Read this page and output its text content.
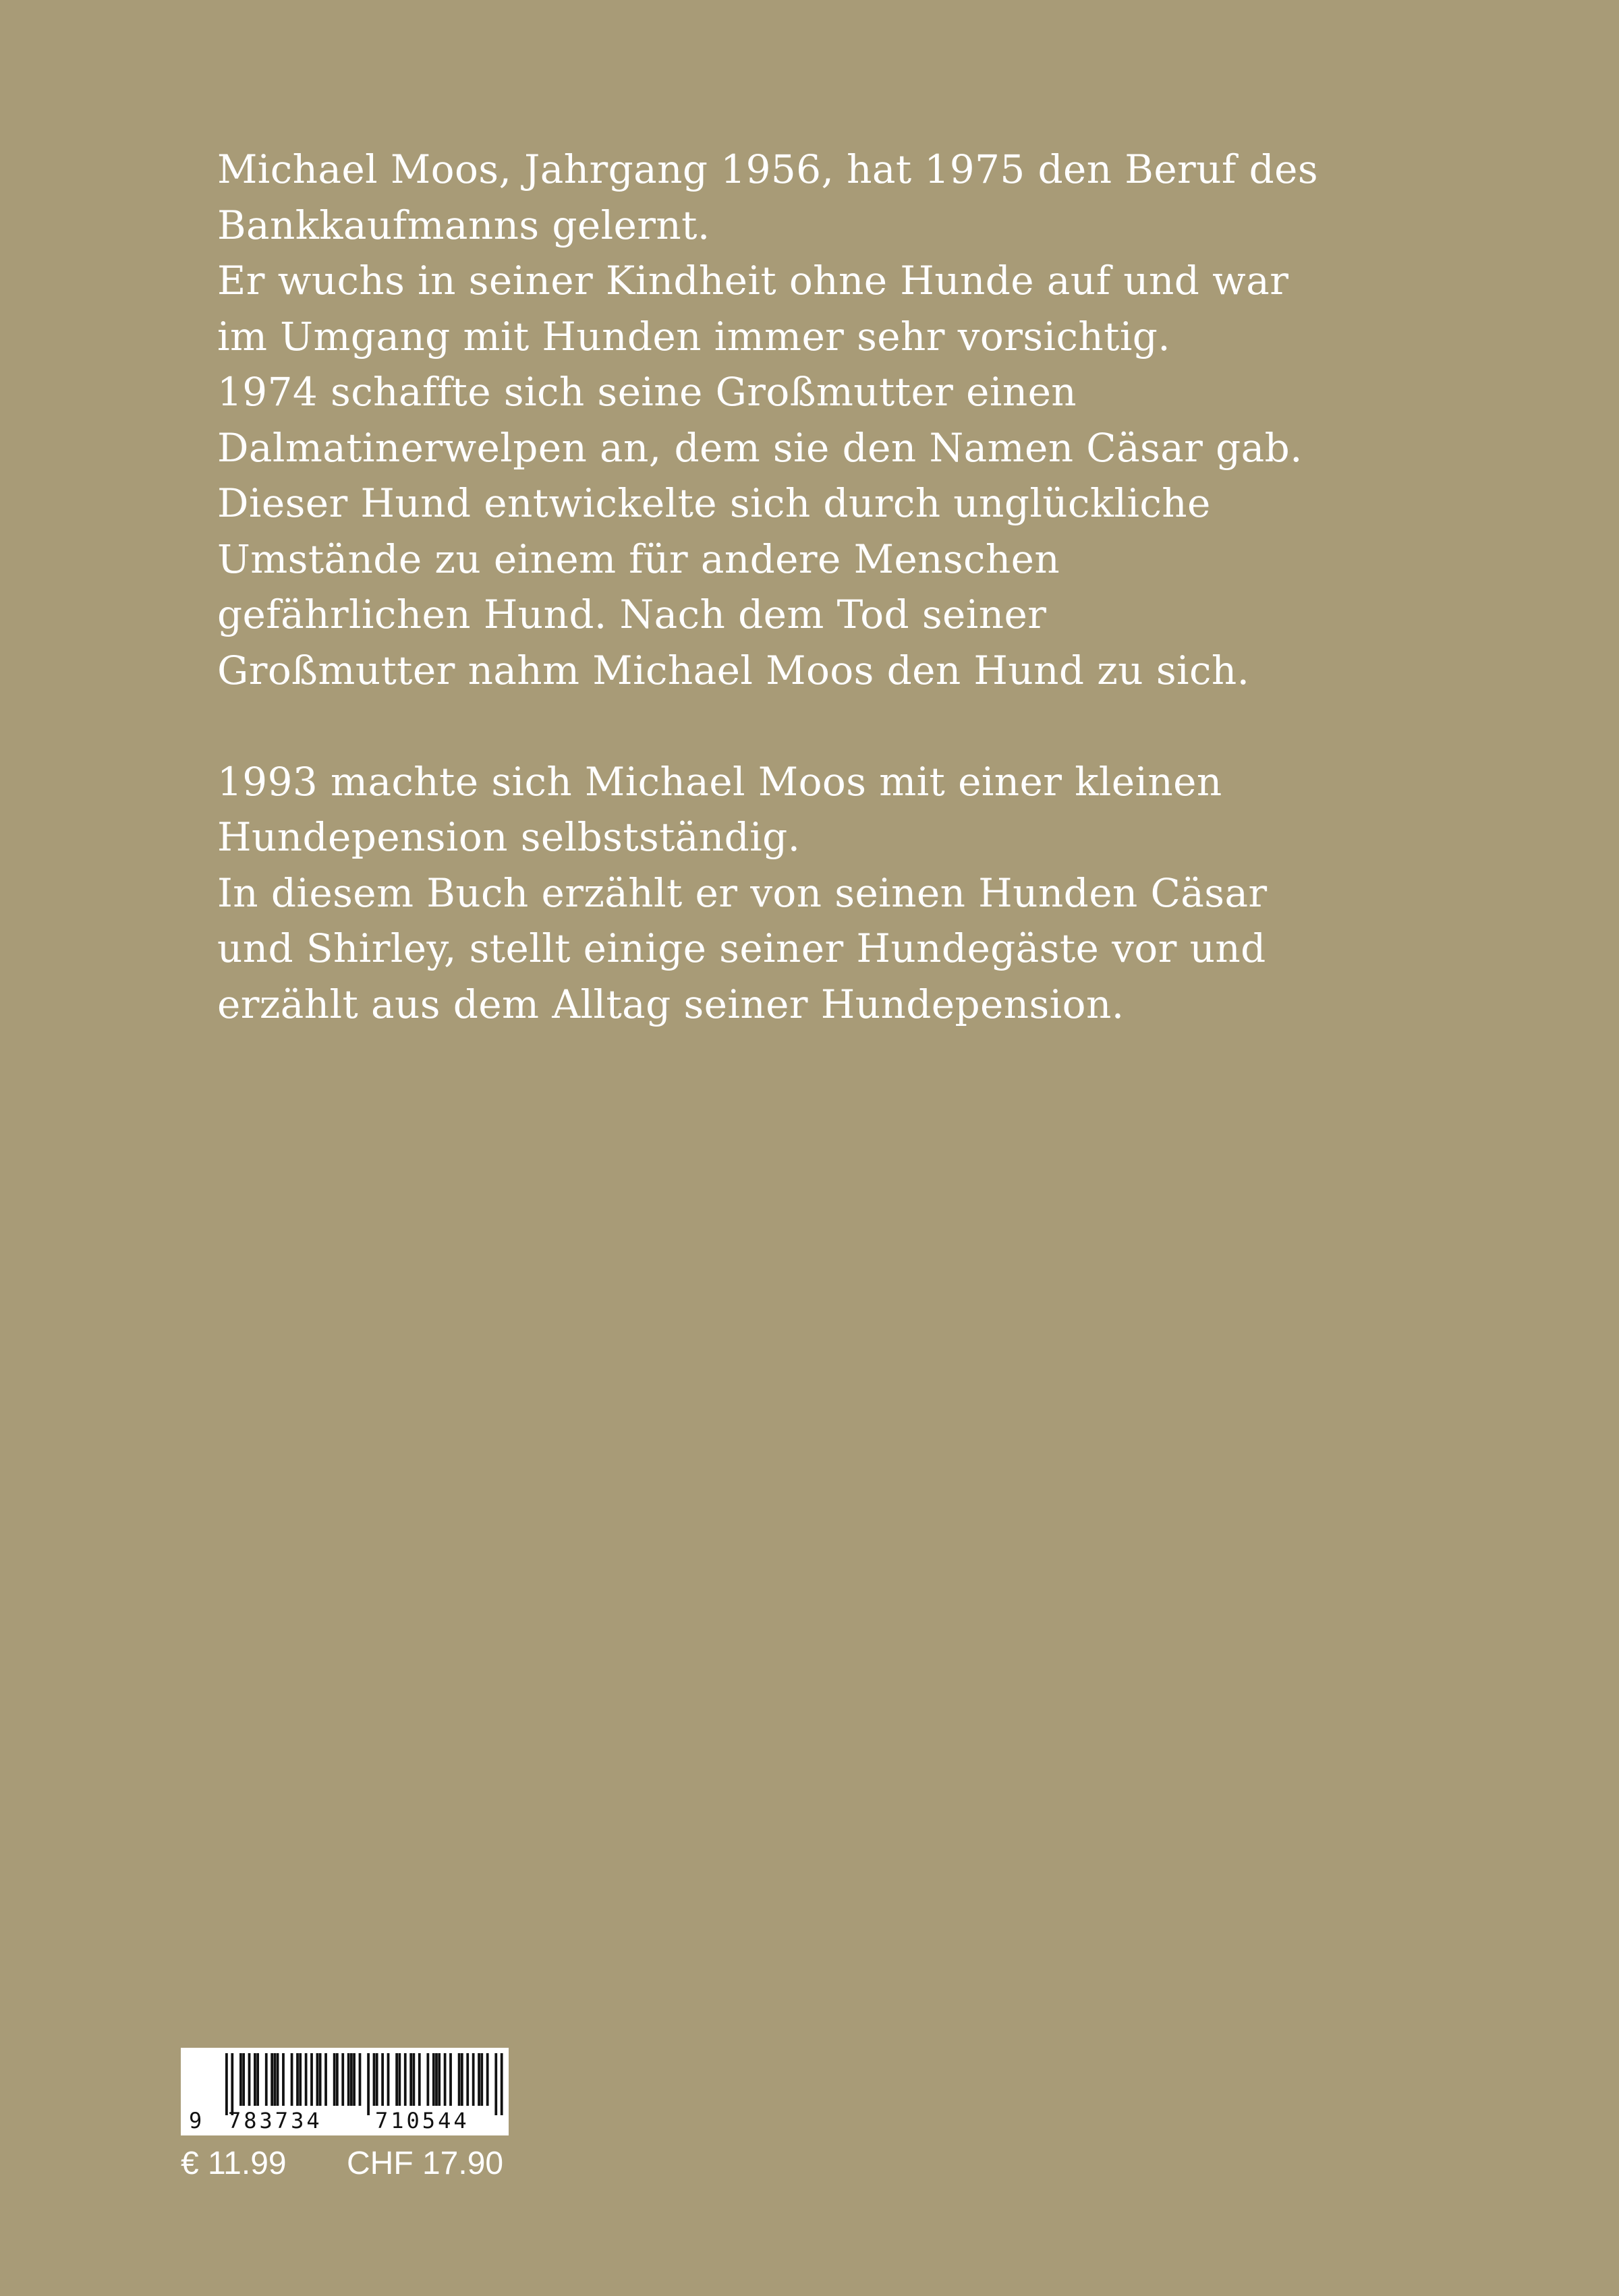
Michael Moos, Jahrgang 1956, hat 1975 den Beruf des
Bankkaufmanns gelernt.
Er wuchs in seiner Kindheit ohne Hunde auf und war
im Umgang mit Hunden immer sehr vorsichtig.
1974 schaffte sich seine Großmutter einen
Dalmatinerwelpen an, dem sie den Namen Cäsar gab.
Dieser Hund entwickelte sich durch unglückliche
Umstände zu einem für andere Menschen
gefährlichen Hund. Nach dem Tod seiner
Großmutter nahm Michael Moos den Hund zu sich.
1993 machte sich Michael Moos mit einer kleinen
Hundepension selbstständig.
In diesem Buch erzählt er von seinen Hunden Cäsar
und Shirley, stellt einige seiner Hundegäste vor und
erzählt aus dem Alltag seiner Hundepension.
9 783734 710544
€ 11.99 CHF 17.90
